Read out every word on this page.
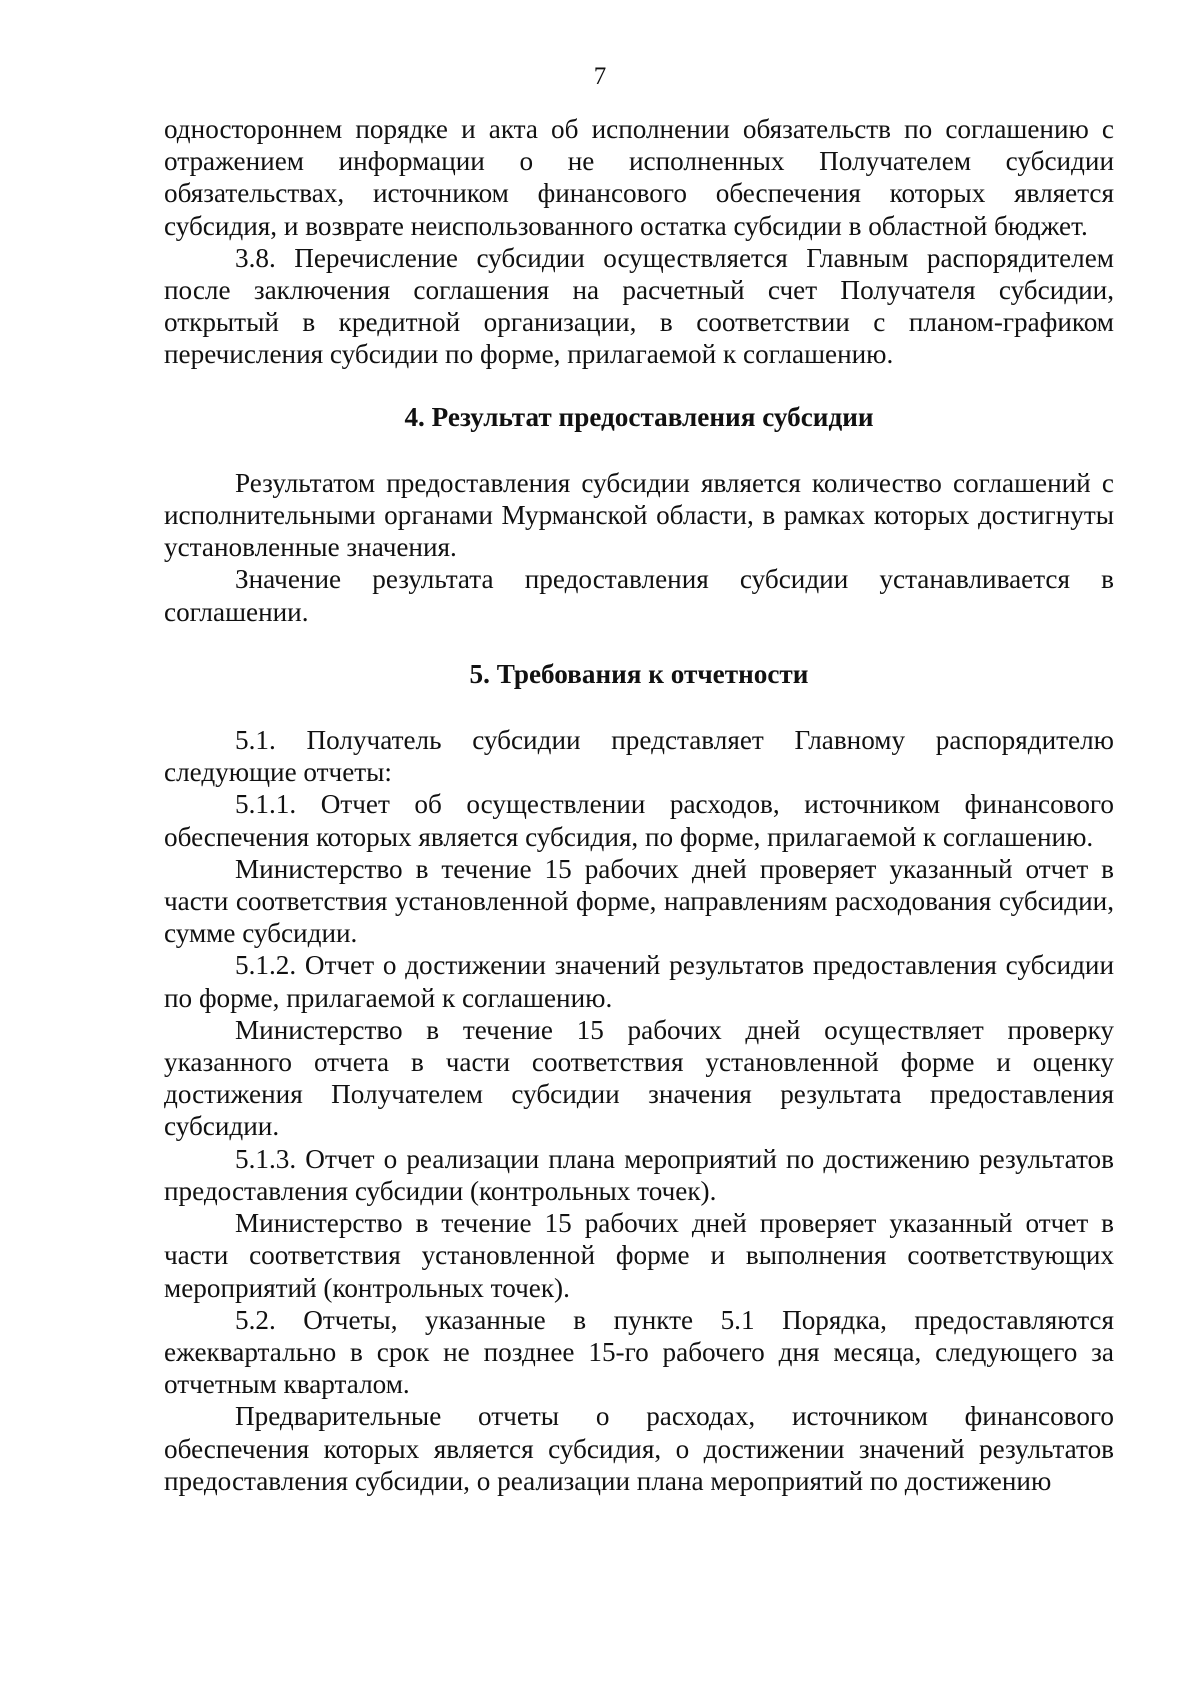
7

одностороннем порядке и акта об исполнении обязательств по соглашению с отражением информации о не исполненных Получателем субсидии обязательствах, источником финансового обеспечения которых является субсидия, и возврате неиспользованного остатка субсидии в областной бюджет.

3.8. Перечисление субсидии осуществляется Главным распорядителем после заключения соглашения на расчетный счет Получателя субсидии, открытый в кредитной организации, в соответствии с планом-графиком перечисления субсидии по форме, прилагаемой к соглашению.

4. Результат предоставления субсидии

Результатом предоставления субсидии является количество соглашений с исполнительными органами Мурманской области, в рамках которых достигнуты установленные значения.

Значение результата предоставления субсидии устанавливается в соглашении.

5. Требования к отчетности

5.1. Получатель субсидии представляет Главному распорядителю следующие отчеты:

5.1.1. Отчет об осуществлении расходов, источником финансового обеспечения которых является субсидия, по форме, прилагаемой к соглашению.

Министерство в течение 15 рабочих дней проверяет указанный отчет в части соответствия установленной форме, направлениям расходования субсидии, сумме субсидии.

5.1.2. Отчет о достижении значений результатов предоставления субсидии по форме, прилагаемой к соглашению.

Министерство в течение 15 рабочих дней осуществляет проверку указанного отчета в части соответствия установленной форме и оценку достижения Получателем субсидии значения результата предоставления субсидии.

5.1.3. Отчет о реализации плана мероприятий по достижению результатов предоставления субсидии (контрольных точек).

Министерство в течение 15 рабочих дней проверяет указанный отчет в части соответствия установленной форме и выполнения соответствующих мероприятий (контрольных точек).

5.2. Отчеты, указанные в пункте 5.1 Порядка, предоставляются ежеквартально в срок не позднее 15-го рабочего дня месяца, следующего за отчетным кварталом.

Предварительные отчеты о расходах, источником финансового обеспечения которых является субсидия, о достижении значений результатов предоставления субсидии, о реализации плана мероприятий по достижению
